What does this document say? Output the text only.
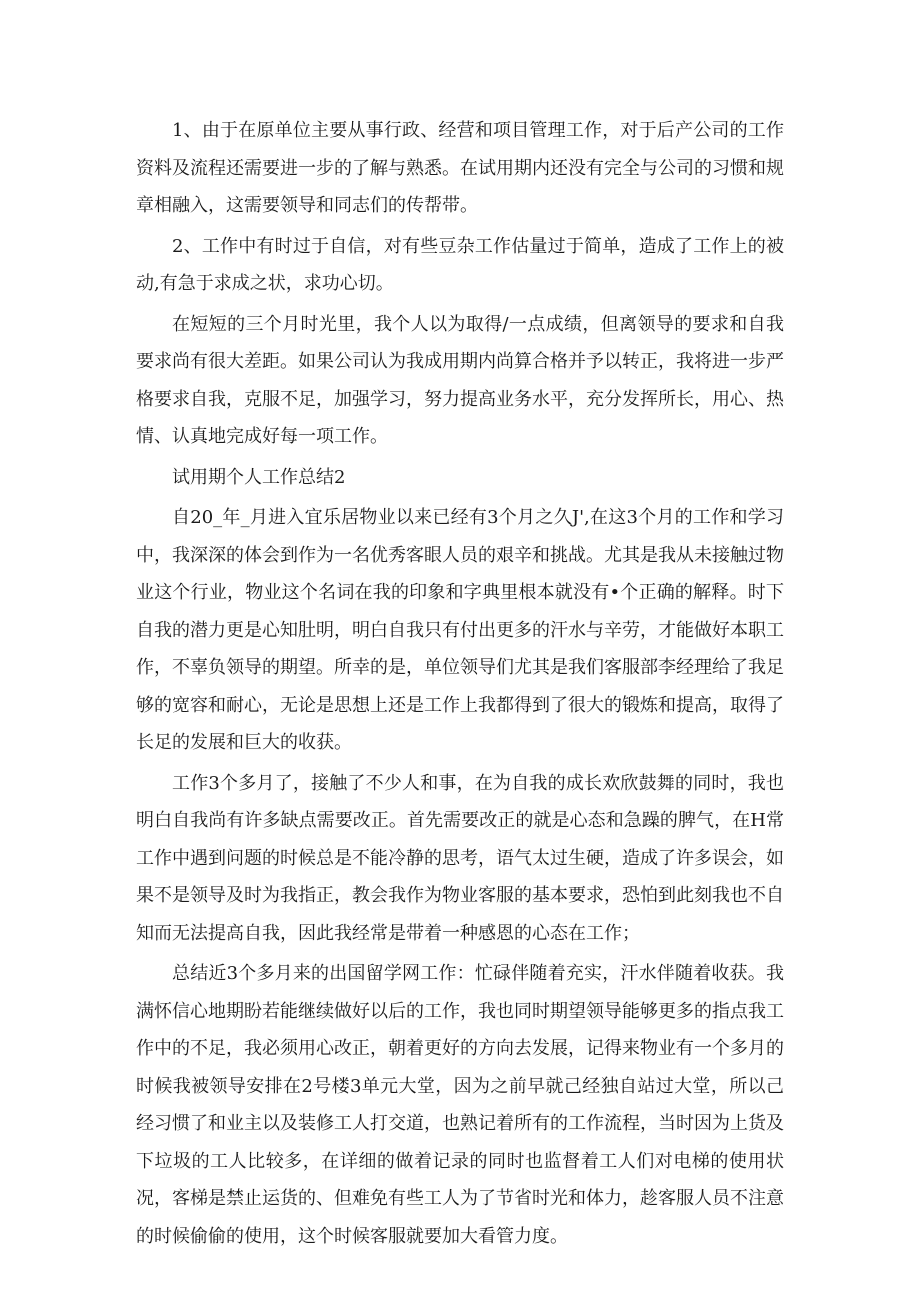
1、由于在原单位主要从事行政、经营和项目管理工作，对于后产公司的工作资料及流程还需要进一步的了解与熟悉。在试用期内还没有完全与公司的习惯和规章相融入，这需要领导和同志们的传帮带。

2、工作中有时过于自信，对有些豆杂工作估量过于简单，造成了工作上的被动,有急于求成之状，求功心切。

在短短的三个月时光里，我个人以为取得/一点成绩，但离领导的要求和自我要求尚有很大差距。如果公司认为我成用期内尚算合格并予以转正，我将进一步严格要求自我，克服不足，加强学习，努力提高业务水平，充分发挥所长，用心、热情、认真地完成好每一项工作。

试用期个人工作总结2

自20_年_月进入宜乐居物业以来已经有3个月之久J',在这3个月的工作和学习中，我深深的体会到作为一名优秀客眼人员的艰辛和挑战。尤其是我从未接触过物业这个行业，物业这个名词在我的印象和字典里根本就没有•个正确的解释。时下自我的潜力更是心知肚明，明白自我只有付出更多的汗水与辛劳，才能做好本职工作，不辜负领导的期望。所幸的是，单位领导们尤其是我们客服部李经理给了我足够的宽容和耐心，无论是思想上还是工作上我都得到了很大的锻炼和提高，取得了长足的发展和巨大的收获。

工作3个多月了，接触了不少人和事，在为自我的成长欢欣鼓舞的同时，我也明白自我尚有许多缺点需要改正。首先需要改正的就是心态和急躁的脾气，在H常工作中遇到问题的时候总是不能冷静的思考，语气太过生硬，造成了许多误会，如果不是领导及时为我指正，教会我作为物业客服的基本要求，恐怕到此刻我也不自知而无法提高自我，因此我经常是带着一种感恩的心态在工作；

总结近3个多月来的出国留学网工作：忙碌伴随着充实，汗水伴随着收获。我满怀信心地期盼若能继续做好以后的工作，我也同时期望领导能够更多的指点我工作中的不足，我必须用心改正，朝着更好的方向去发展，记得来物业有一个多月的时候我被领导安排在2号楼3单元大堂，因为之前早就己经独自站过大堂，所以己经习惯了和业主以及装修工人打交道，也熟记着所有的工作流程，当时因为上货及下垃圾的工人比较多，在详细的做着记录的同时也监督着工人们对电梯的使用状况，客梯是禁止运货的、但难免有些工人为了节省时光和体力，趁客服人员不注意的时候偷偷的使用，这个时候客服就要加大看管力度。
